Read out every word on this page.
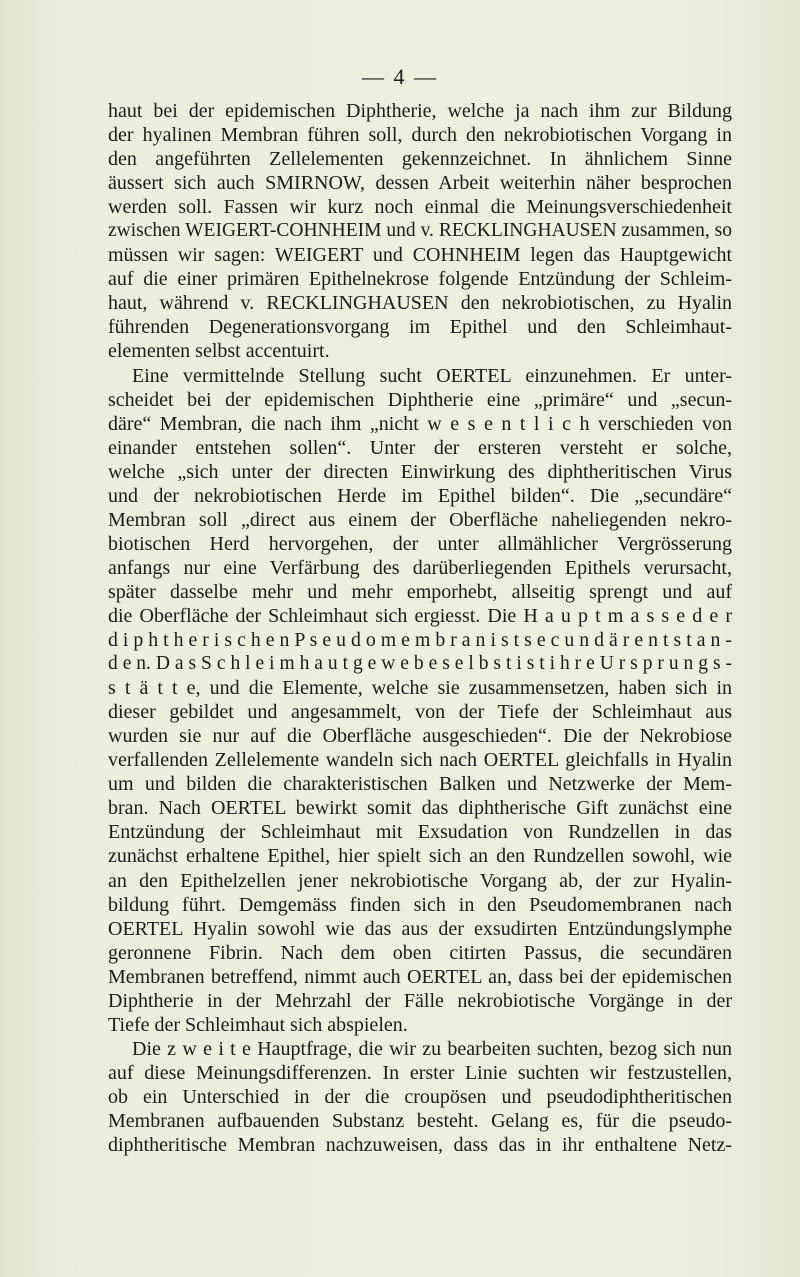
— 4 —
haut bei der epidemischen Diphtherie, welche ja nach ihm zur Bildung
der hyalinen Membran führen soll, durch den nekrobiotischen Vorgang in
den angeführten Zellelementen gekennzeichnet. In ähnlichem Sinne
äussert sich auch SMIRNOW, dessen Arbeit weiterhin näher besprochen
werden soll. Fassen wir kurz noch einmal die Meinungsverschiedenheit
zwischen WEIGERT-COHNHEIM und v. RECKLINGHAUSEN zusammen, so
müssen wir sagen: WEIGERT und COHNHEIM legen das Hauptgewicht
auf die einer primären Epithelnekrose folgende Entzündung der Schleim-
haut, während v. RECKLINGHAUSEN den nekrobiotischen, zu Hyalin
führenden Degenerationsvorgang im Epithel und den Schleimhaut-
elementen selbst accentuirt.
Eine vermittelnde Stellung sucht OERTEL einzunehmen. Er unter-
scheidet bei der epidemischen Diphtherie eine „primäre“ und „secun-
däre“ Membran, die nach ihm „nicht w e s e n t l i c h verschieden von
einander entstehen sollen“. Unter der ersteren versteht er solche,
welche „sich unter der directen Einwirkung des diphtheritischen Virus
und der nekrobiotischen Herde im Epithel bilden“. Die „secundäre“
Membran soll „direct aus einem der Oberfläche naheliegenden nekro-
biotischen Herd hervorgehen, der unter allmählicher Vergrösserung
anfangs nur eine Verfärbung des darüberliegenden Epithels verursacht,
später dasselbe mehr und mehr emporhebt, allseitig sprengt und auf
die Oberfläche der Schleimhaut sich ergiesst. Die H a u p t m a s s e d e r
d i p h t h e r i s c h e n P s e u d o m e m b r a n i s t s e c u n d ä r e n t s t a n -
d e n. D a s S c h l e i m h a u t g e w e b e s e l b s t i s t i h r e U r s p r u n g s -
s t ä t t e, und die Elemente, welche sie zusammensetzen, haben sich in
dieser gebildet und angesammelt, von der Tiefe der Schleimhaut aus
wurden sie nur auf die Oberfläche ausgeschieden“. Die der Nekrobiose
verfallenden Zellelemente wandeln sich nach OERTEL gleichfalls in Hyalin
um und bilden die charakteristischen Balken und Netzwerke der Mem-
bran. Nach OERTEL bewirkt somit das diphtherische Gift zunächst eine
Entzündung der Schleimhaut mit Exsudation von Rundzellen in das
zunächst erhaltene Epithel, hier spielt sich an den Rundzellen sowohl, wie
an den Epithelzellen jener nekrobiotische Vorgang ab, der zur Hyalin-
bildung führt. Demgemäss finden sich in den Pseudomembranen nach
OERTEL Hyalin sowohl wie das aus der exsudirten Entzündungslymphe
geronnene Fibrin. Nach dem oben citirten Passus, die secundären
Membranen betreffend, nimmt auch OERTEL an, dass bei der epidemischen
Diphtherie in der Mehrzahl der Fälle nekrobiotische Vorgänge in der
Tiefe der Schleimhaut sich abspielen.
Die z w e i t e Hauptfrage, die wir zu bearbeiten suchten, bezog sich nun
auf diese Meinungsdifferenzen. In erster Linie suchten wir festzustellen,
ob ein Unterschied in der die croupösen und pseudodiphtheritischen
Membranen aufbauenden Substanz besteht. Gelang es, für die pseudo-
diphtheritische Membran nachzuweisen, dass das in ihr enthaltene Netz-
